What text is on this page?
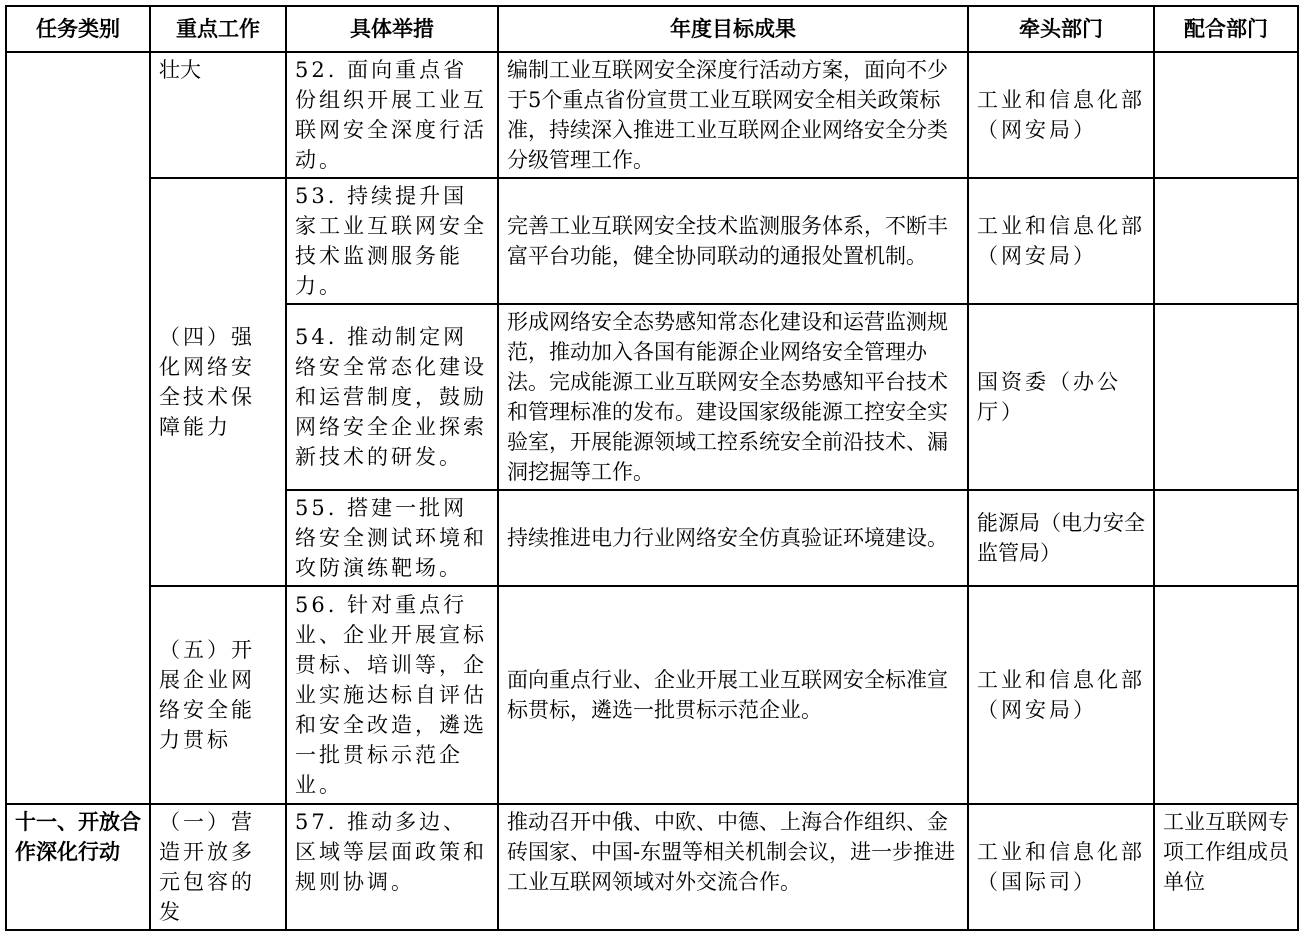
任务类别	重点工作	具体举措	年度目标成果	牵头部门	配合部门
	壮大	52. 面向重点省份组织开展工业互联网安全深度行活动。	编制工业互联网安全深度行活动方案，面向不少于5个重点省份宣贯工业互联网安全相关政策标准，持续深入推进工业互联网企业网络安全分类分级管理工作。	工业和信息化部（网安局）	
	（四）强化网络安全技术保障能力	53. 持续提升国家工业互联网安全技术监测服务能力。	完善工业互联网安全技术监测服务体系，不断丰富平台功能，健全协同联动的通报处置机制。	工业和信息化部（网安局）	
		54. 推动制定网络安全常态化建设和运营制度，鼓励网络安全企业探索新技术的研发。	形成网络安全态势感知常态化建设和运营监测规范，推动加入各国有能源企业网络安全管理办法。完成能源工业互联网安全态势感知平台技术和管理标准的发布。建设国家级能源工控安全实验室，开展能源领域工控系统安全前沿技术、漏洞挖掘等工作。	国资委（办公厅）	
		55. 搭建一批网络安全测试环境和攻防演练靶场。	持续推进电力行业网络安全仿真验证环境建设。	能源局（电力安全监管局）	
	（五）开展企业网络安全能力贯标	56. 针对重点行业、企业开展宣标贯标、培训等，企业实施达标自评估和安全改造，遴选一批贯标示范企业。	面向重点行业、企业开展工业互联网安全标准宣标贯标，遴选一批贯标示范企业。	工业和信息化部（网安局）	
十一、开放合作深化行动	（一）营造开放多元包容的发	57. 推动多边、区域等层面政策和规则协调。	推动召开中俄、中欧、中德、上海合作组织、金砖国家、中国-东盟等相关机制会议，进一步推进工业互联网领域对外交流合作。	工业和信息化部（国际司）	工业互联网专项工作组成员单位
